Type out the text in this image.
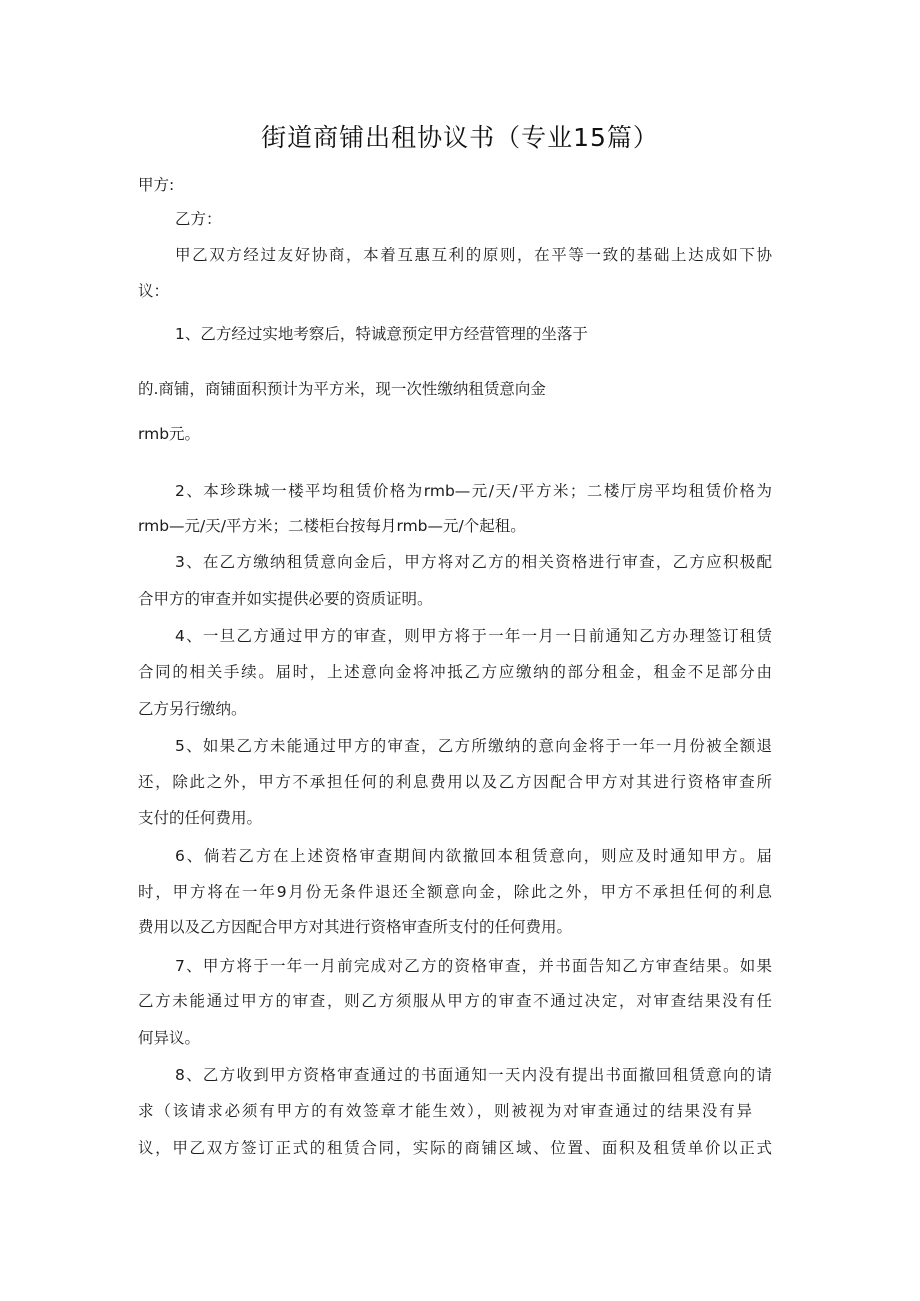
街道商铺出租协议书（专业15篇）
甲方:
乙方：
甲乙双方经过友好协商，本着互惠互利的原则，在平等一致的基础上达成如下协
议：
1、乙方经过实地考察后，特诚意预定甲方经营管理的坐落于
的.商铺，商铺面积预计为平方米，现一次性缴纳租赁意向金
rmb元。
2、本珍珠城一楼平均租赁价格为rmb—元/天/平方米；二楼厅房平均租赁价格为
rmb—元/天/平方米；二楼柜台按每月rmb—元/个起租。
3、在乙方缴纳租赁意向金后，甲方将对乙方的相关资格进行审查，乙方应积极配
合甲方的审查并如实提供必要的资质证明。
4、一旦乙方通过甲方的审查，则甲方将于一年一月一日前通知乙方办理签订租赁
合同的相关手续。届时，上述意向金将冲抵乙方应缴纳的部分租金，租金不足部分由
乙方另行缴纳。
5、如果乙方未能通过甲方的审查，乙方所缴纳的意向金将于一年一月份被全额退
还，除此之外，甲方不承担任何的利息费用以及乙方因配合甲方对其进行资格审查所
支付的任何费用。
6、倘若乙方在上述资格审查期间内欲撤回本租赁意向，则应及时通知甲方。届
时，甲方将在一年9月份无条件退还全额意向金，除此之外，甲方不承担任何的利息
费用以及乙方因配合甲方对其进行资格审查所支付的任何费用。
7、甲方将于一年一月前完成对乙方的资格审查，并书面告知乙方审查结果。如果
乙方未能通过甲方的审查，则乙方须服从甲方的审查不通过决定，对审查结果没有任
何异议。
8、乙方收到甲方资格审查通过的书面通知一天内没有提出书面撤回租赁意向的请
求（该请求必须有甲方的有效签章才能生效），则被视为对审查通过的结果没有异
议，甲乙双方签订正式的租赁合同，实际的商铺区域、位置、面积及租赁单价以正式
